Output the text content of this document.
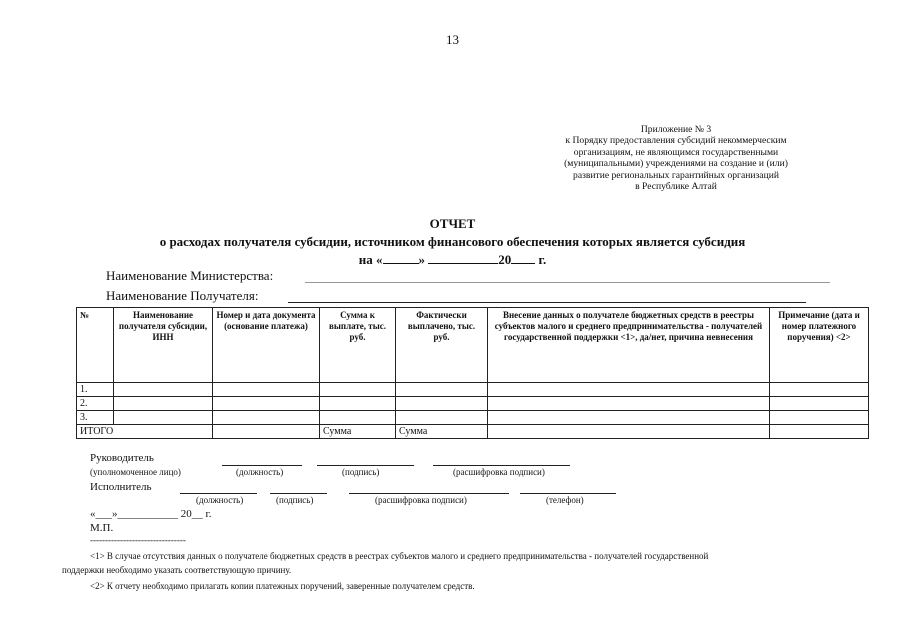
13
Приложение № 3
к Порядку предоставления субсидий некоммерческим
организациям, не являющимся государственными
(муниципальными) учреждениями на создание и (или)
развитие региональных гарантийных организаций
в Республике Алтай
ОТЧЕТ
о расходах получателя субсидии, источником финансового обеспечения которых является субсидия
на «	»	20 г.
Наименование Министерства:
Наименование Получателя:
№	Наименование получателя субсидии, ИНН	Номер и дата документа (основание платежа)	Сумма к выплате, тыс. руб.	Фактически выплачено, тыс. руб.	Внесение данных о получателе бюджетных средств в реестры субъектов малого и среднего предпринимательства - получателей государственной поддержки <1>, да/нет, причина невнесения	Примечание (дата и номер платежного поручения) <2>
1.						
2.						
3.						
ИТОГО			Сумма	Сумма		
Руководитель
(уполномоченное лицо)	(должность)	(подпись)	(расшифровка подписи)
Исполнитель
(должность)	(подпись)	(расшифровка подписи)	(телефон)
«___»___________ 20__ г.
М.П.
--------------------------------
<1> В случае отсутствия данных о получателе бюджетных средств в реестрах субъектов малого и среднего предпринимательства - получателей государственной
поддержки необходимо указать соответствующую причину.
<2> К отчету необходимо прилагать копии платежных поручений, заверенные получателем средств.
